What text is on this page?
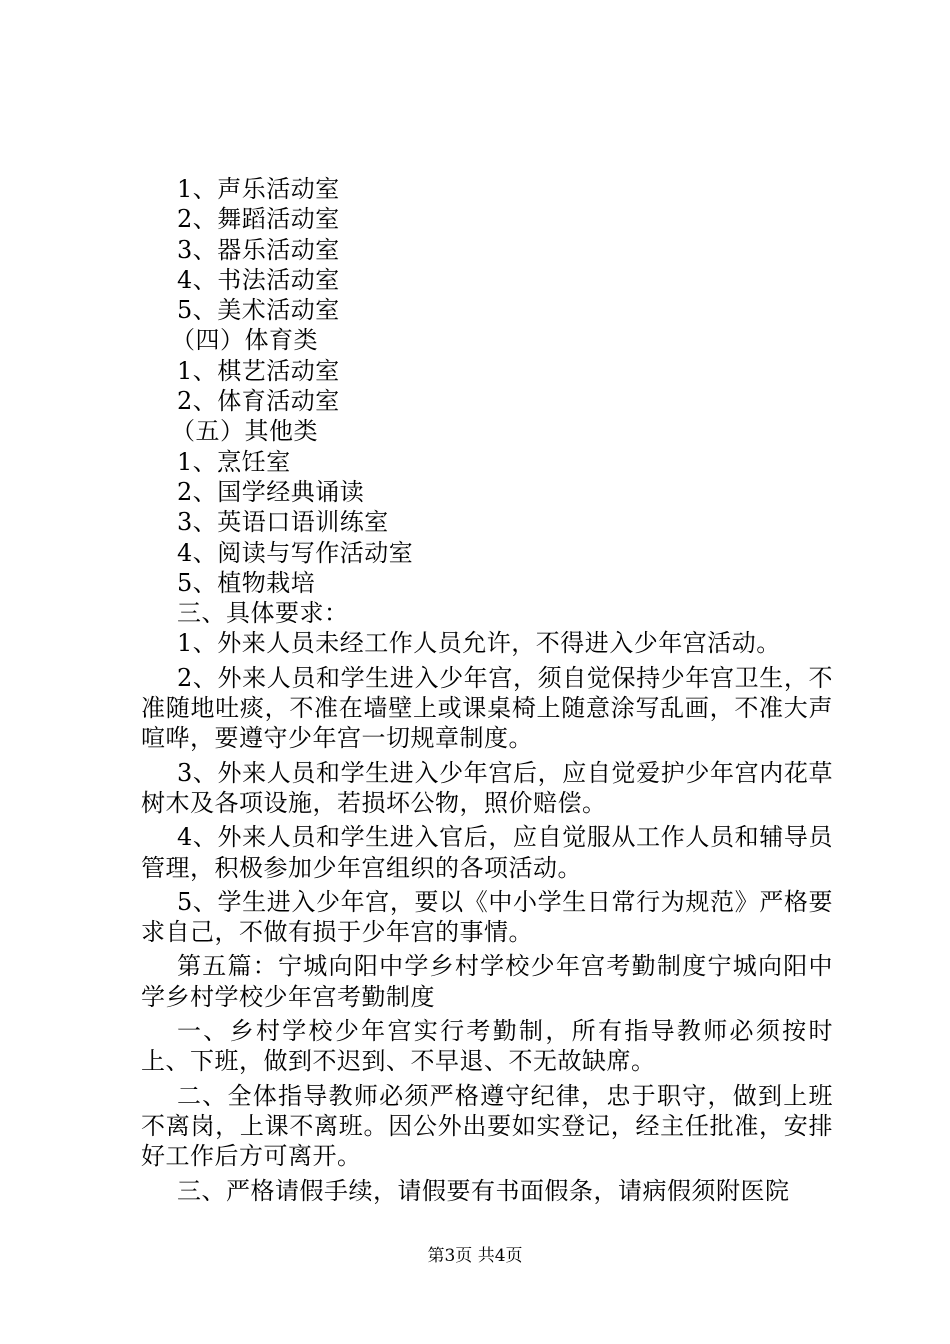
1、声乐活动室

2、舞蹈活动室

3、器乐活动室

4、书法活动室

5、美术活动室

（四）体育类

1、棋艺活动室

2、体育活动室

（五）其他类

1、烹饪室

2、国学经典诵读

3、英语口语训练室

4、阅读与写作活动室

5、植物栽培

三、具体要求：

1、外来人员未经工作人员允许，不得进入少年宫活动。

2、外来人员和学生进入少年宫，须自觉保持少年宫卫生，不准随地吐痰，不准在墙壁上或课桌椅上随意涂写乱画，不准大声喧哗，要遵守少年宫一切规章制度。

3、外来人员和学生进入少年宫后，应自觉爱护少年宫内花草树木及各项设施，若损坏公物，照价赔偿。

4、外来人员和学生进入官后，应自觉服从工作人员和辅导员管理，积极参加少年宫组织的各项活动。

5、学生进入少年宫，要以《中小学生日常行为规范》严格要求自己，不做有损于少年宫的事情。

第五篇：宁城向阳中学乡村学校少年宫考勤制度宁城向阳中学乡村学校少年宫考勤制度

一、乡村学校少年宫实行考勤制，所有指导教师必须按时上、下班，做到不迟到、不早退、不无故缺席。

二、全体指导教师必须严格遵守纪律，忠于职守，做到上班不离岗，上课不离班。因公外出要如实登记，经主任批准，安排好工作后方可离开。

三、严格请假手续，请假要有书面假条，请病假须附医院

第3页 共4页
